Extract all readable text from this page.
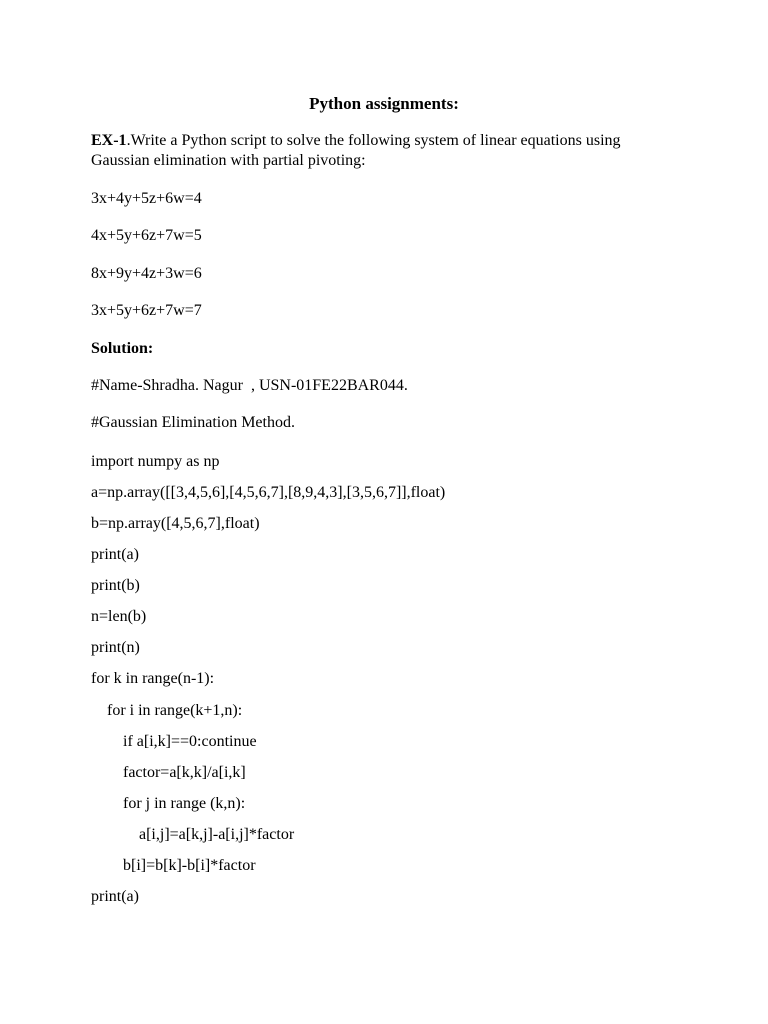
Python assignments:

EX-1.Write a Python script to solve the following system of linear equations using Gaussian elimination with partial pivoting:

3x+4y+5z+6w=4

4x+5y+6z+7w=5

8x+9y+4z+3w=6

3x+5y+6z+7w=7

Solution:

#Name-Shradha. Nagur  , USN-01FE22BAR044.

#Gaussian Elimination Method.

import numpy as np

a=np.array([[3,4,5,6],[4,5,6,7],[8,9,4,3],[3,5,6,7]],float)

b=np.array([4,5,6,7],float)

print(a)

print(b)

n=len(b)

print(n)

for k in range(n-1):

for i in range(k+1,n):

if a[i,k]==0:continue

factor=a[k,k]/a[i,k]

for j in range (k,n):

a[i,j]=a[k,j]-a[i,j]*factor

b[i]=b[k]-b[i]*factor

print(a)
